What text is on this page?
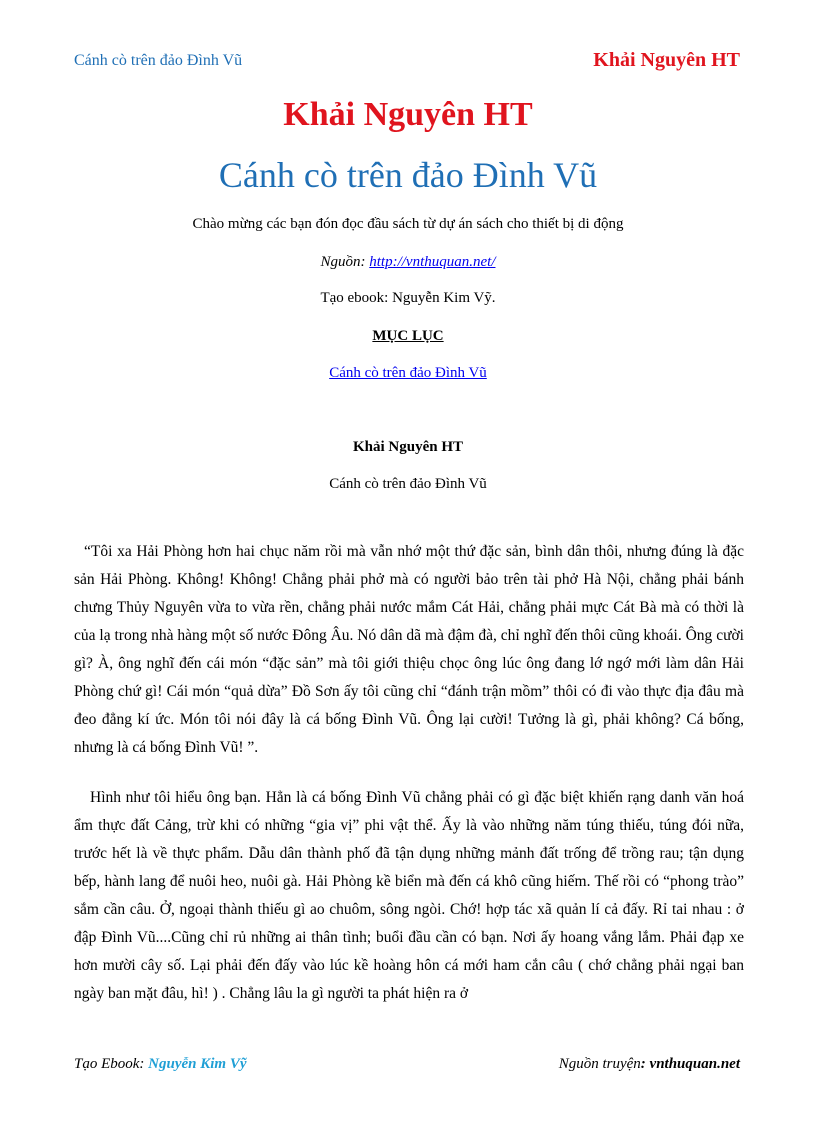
Cánh cò trên đảo Đình Vũ	Khải Nguyên HT
Khải Nguyên HT
Cánh cò trên đảo Đình Vũ
Chào mừng các bạn đón đọc đầu sách từ dự án sách cho thiết bị di động
Nguồn: http://vnthuquan.net/
Tạo ebook: Nguyễn Kim Vỹ.
MỤC LỤC
Cánh cò trên đảo Đình Vũ
Khải Nguyên HT
Cánh cò trên đảo Đình Vũ

“Tôi xa Hải Phòng hơn hai chục năm rồi mà vẫn nhớ một thứ đặc sản, bình dân thôi, nhưng đúng là đặc sản Hải Phòng. Không! Không! Chẳng phải phở mà có người bảo trên tài phở Hà Nội, chẳng phải bánh chưng Thủy Nguyên vừa to vừa rền, chẳng phải nước mắm Cát Hải, chẳng phải mực Cát Bà mà có thời là của lạ trong nhà hàng một số nước Đông Âu. Nó dân dã mà đậm đà, chỉ nghĩ đến thôi cũng khoái. Ông cười gì? À, ông nghĩ đến cái món “đặc sản” mà tôi giới thiệu chọc ông lúc ông đang lớ ngớ mới làm dân Hải Phòng chứ gì! Cái món “quả dừa” Đồ Sơn ấy tôi cũng chỉ “đánh trận mồm” thôi có đi vào thực địa đâu mà đeo đẳng kí ức. Món tôi nói đây là cá bống Đình Vũ. Ông lại cười! Tưởng là gì, phải không? Cá bống, nhưng là cá bống Đình Vũ! ”.

Hình như tôi hiểu ông bạn. Hẳn là cá bống Đình Vũ chẳng phải có gì đặc biệt khiến rạng danh văn hoá ẩm thực đất Cảng, trừ khi có những “gia vị” phi vật thể. Ấy là vào những năm túng thiếu, túng đói nữa, trước hết là về thực phẩm. Dẫu dân thành phố đã tận dụng những mảnh đất trống để trồng rau; tận dụng bếp, hành lang để nuôi heo, nuôi gà. Hải Phòng kề biển mà đến cá khô cũng hiếm. Thế rồi có “phong trào” sắm cần câu. Ở, ngoại thành thiếu gì ao chuôm, sông ngòi. Chớ! hợp tác xã quản lí cả đấy. Rỉ tai nhau : ở đập Đình Vũ....Cũng chỉ rủ những ai thân tình; buổi đầu cần có bạn. Nơi ấy hoang vắng lắm. Phải đạp xe hơn mười cây số. Lại phải đến đấy vào lúc kề hoàng hôn cá mới ham cắn câu ( chớ chẳng phải ngại ban ngày ban mặt đâu, hì! ) . Chẳng lâu la gì người ta phát hiện ra ở

Tạo Ebook: Nguyễn Kim Vỹ	Nguồn truyện: vnthuquan.net
